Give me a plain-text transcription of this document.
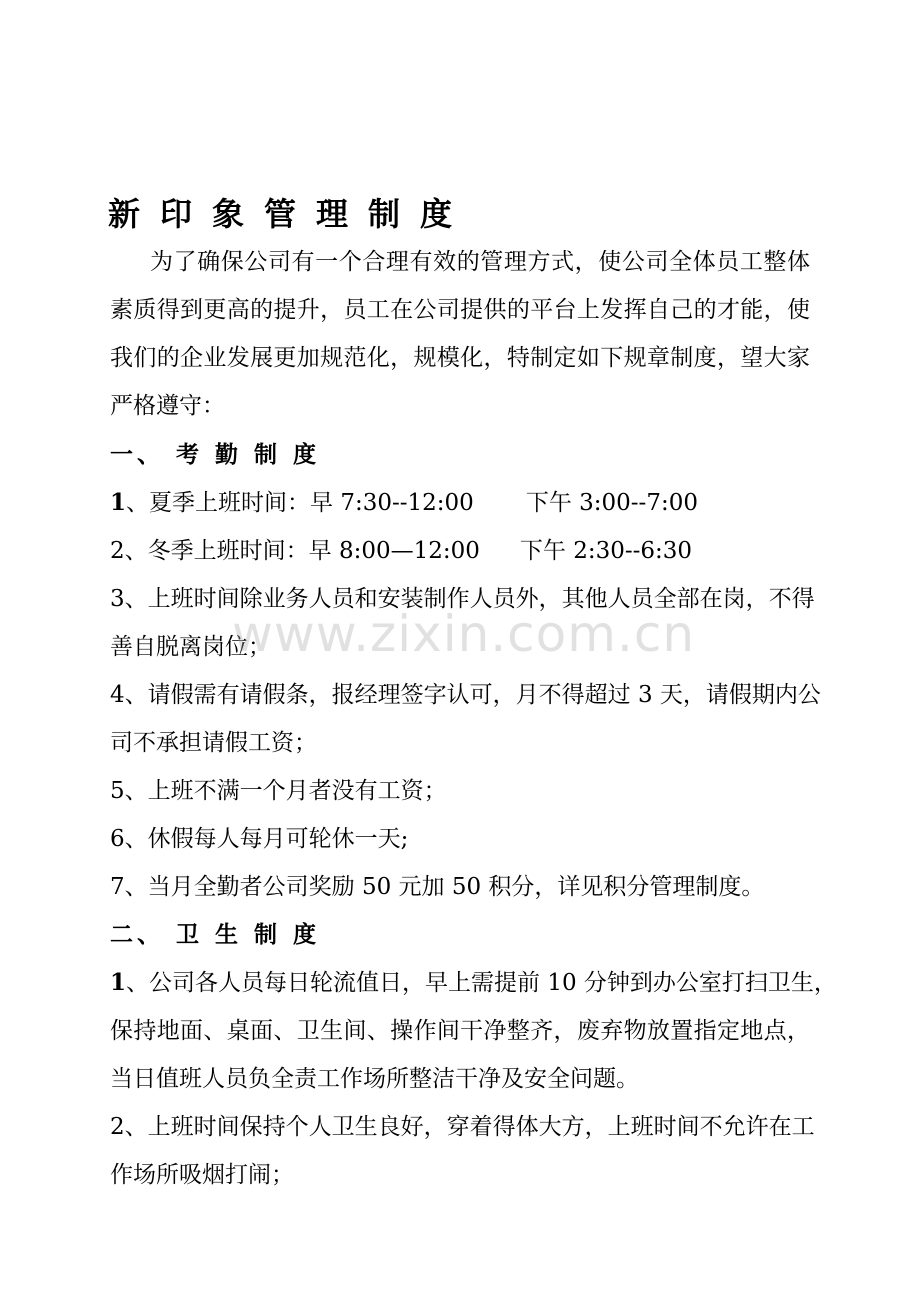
新印象管理制度
为了确保公司有一个合理有效的管理方式，使公司全体员工整体
素质得到更高的提升，员工在公司提供的平台上发挥自己的才能，使
我们的企业发展更加规范化，规模化，特制定如下规章制度，望大家
严格遵守：
一、 考 勤 制 度
1、夏季上班时间：早 7:30--12:00 下午 3:00--7:00
2、冬季上班时间：早 8:00—12:00 下午 2:30--6:30
3、上班时间除业务人员和安装制作人员外，其他人员全部在岗，不得
善自脱离岗位；
4、请假需有请假条，报经理签字认可，月不得超过 3 天，请假期内公
司不承担请假工资；
5、上班不满一个月者没有工资；
6、休假每人每月可轮休一天;
7、当月全勤者公司奖励 50 元加 50 积分，详见积分管理制度。
二、 卫 生 制 度
1、公司各人员每日轮流值日，早上需提前 10 分钟到办公室打扫卫生，
保持地面、桌面、卫生间、操作间干净整齐，废弃物放置指定地点，
当日值班人员负全责工作场所整洁干净及安全问题。
2、上班时间保持个人卫生良好，穿着得体大方，上班时间不允许在工
作场所吸烟打闹；
www.zixin.com.cn
